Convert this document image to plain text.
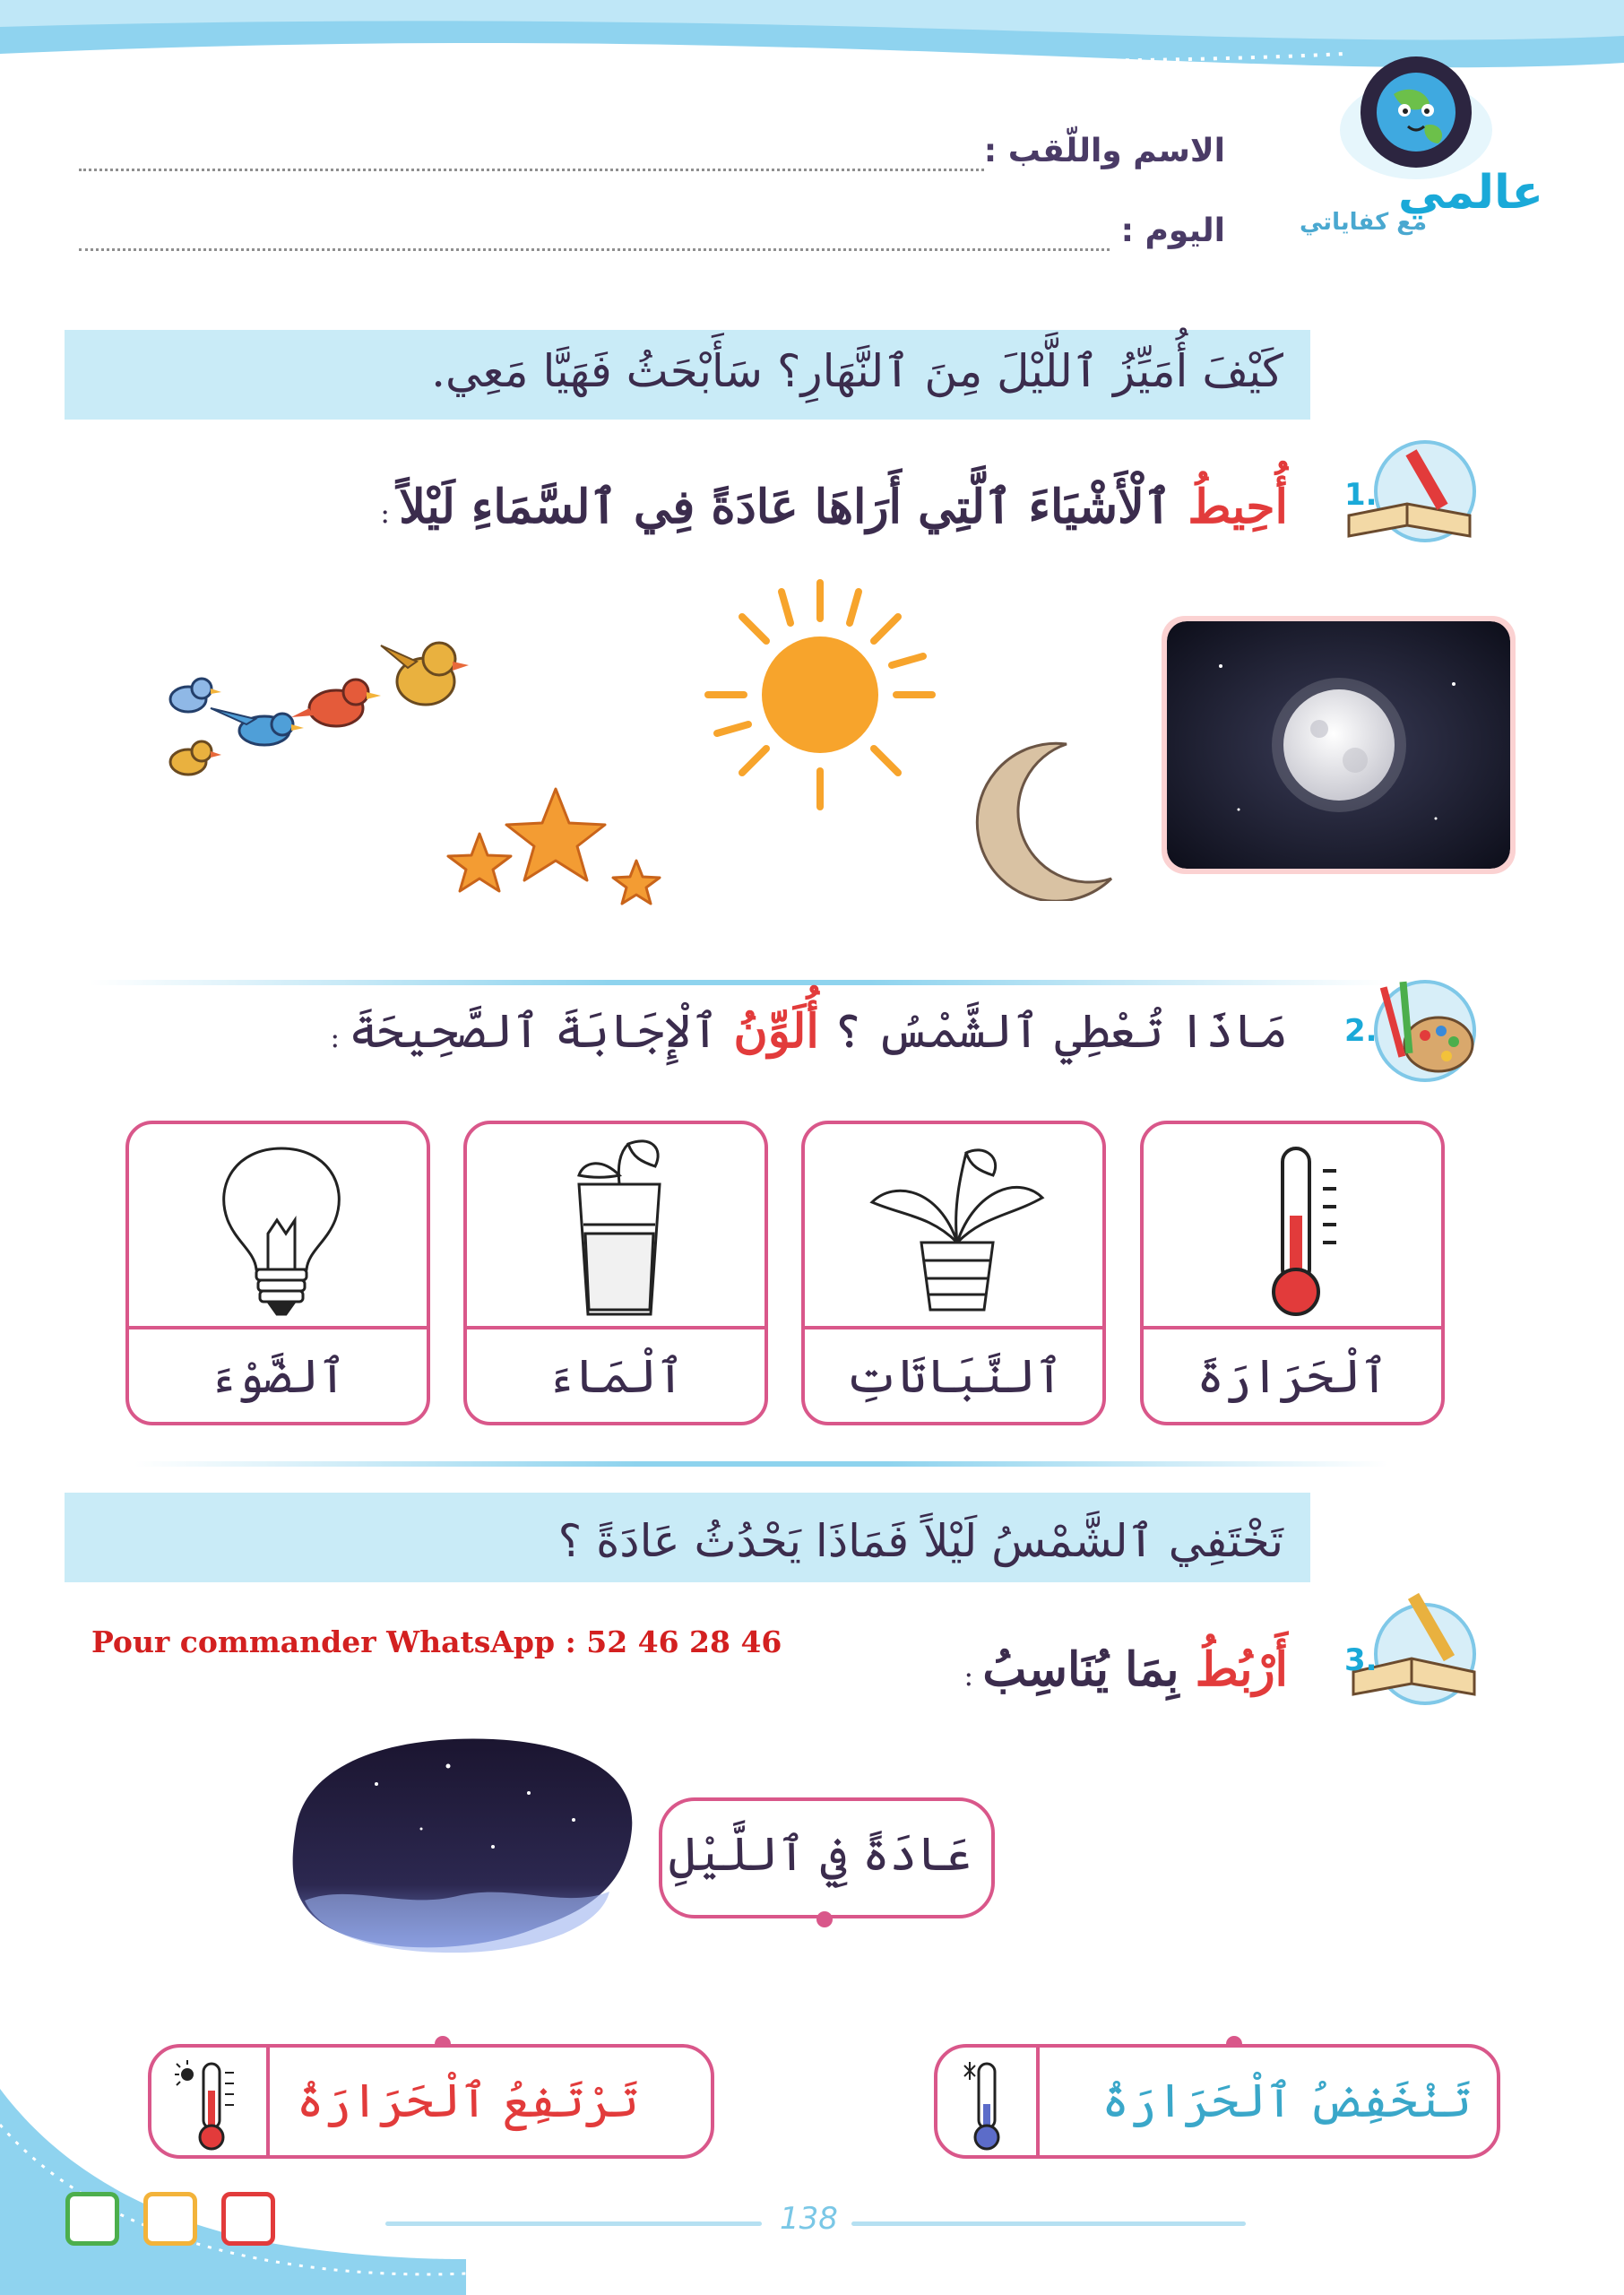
عالمي
مع كفاياتي
الاسم واللّقب :
اليوم :
كَيْفَ أُمَيِّزُ ٱللَّيْلَ مِنَ ٱلنَّهَارِ؟ سَأَبْحَثُ فَهَيَّا مَعِي.
1.
أُحِيطُ ٱلْأَشْيَاءَ ٱلَّتِي أَرَاهَا عَادَةً فِي ٱلسَّمَاءِ لَيْلاً :
2.
مَاذَا تُعْطِي ٱلشَّمْسُ ؟ أُلَوِّنُ ٱلْإِجَابَةَ ٱلصَّحِيحَةَ :
ٱلْحَرَارَةَ
ٱلنَّبَاتَاتِ
ٱلْمَاءَ
ٱلضَّوْءَ
تَخْتَفِي ٱلشَّمْسُ لَيْلاً فَمَاذَا يَحْدُثُ عَادَةً ؟
Pour commander WhatsApp : 52 46 28 46
3.
أَرْبُطُ بِمَا يُنَاسِبُ :
عَادَةً فِي ٱللَّيْلِ
تَنْخَفِضُ ٱلْحَرَارَةُ
تَرْتَفِعُ ٱلْحَرَارَةُ
138
